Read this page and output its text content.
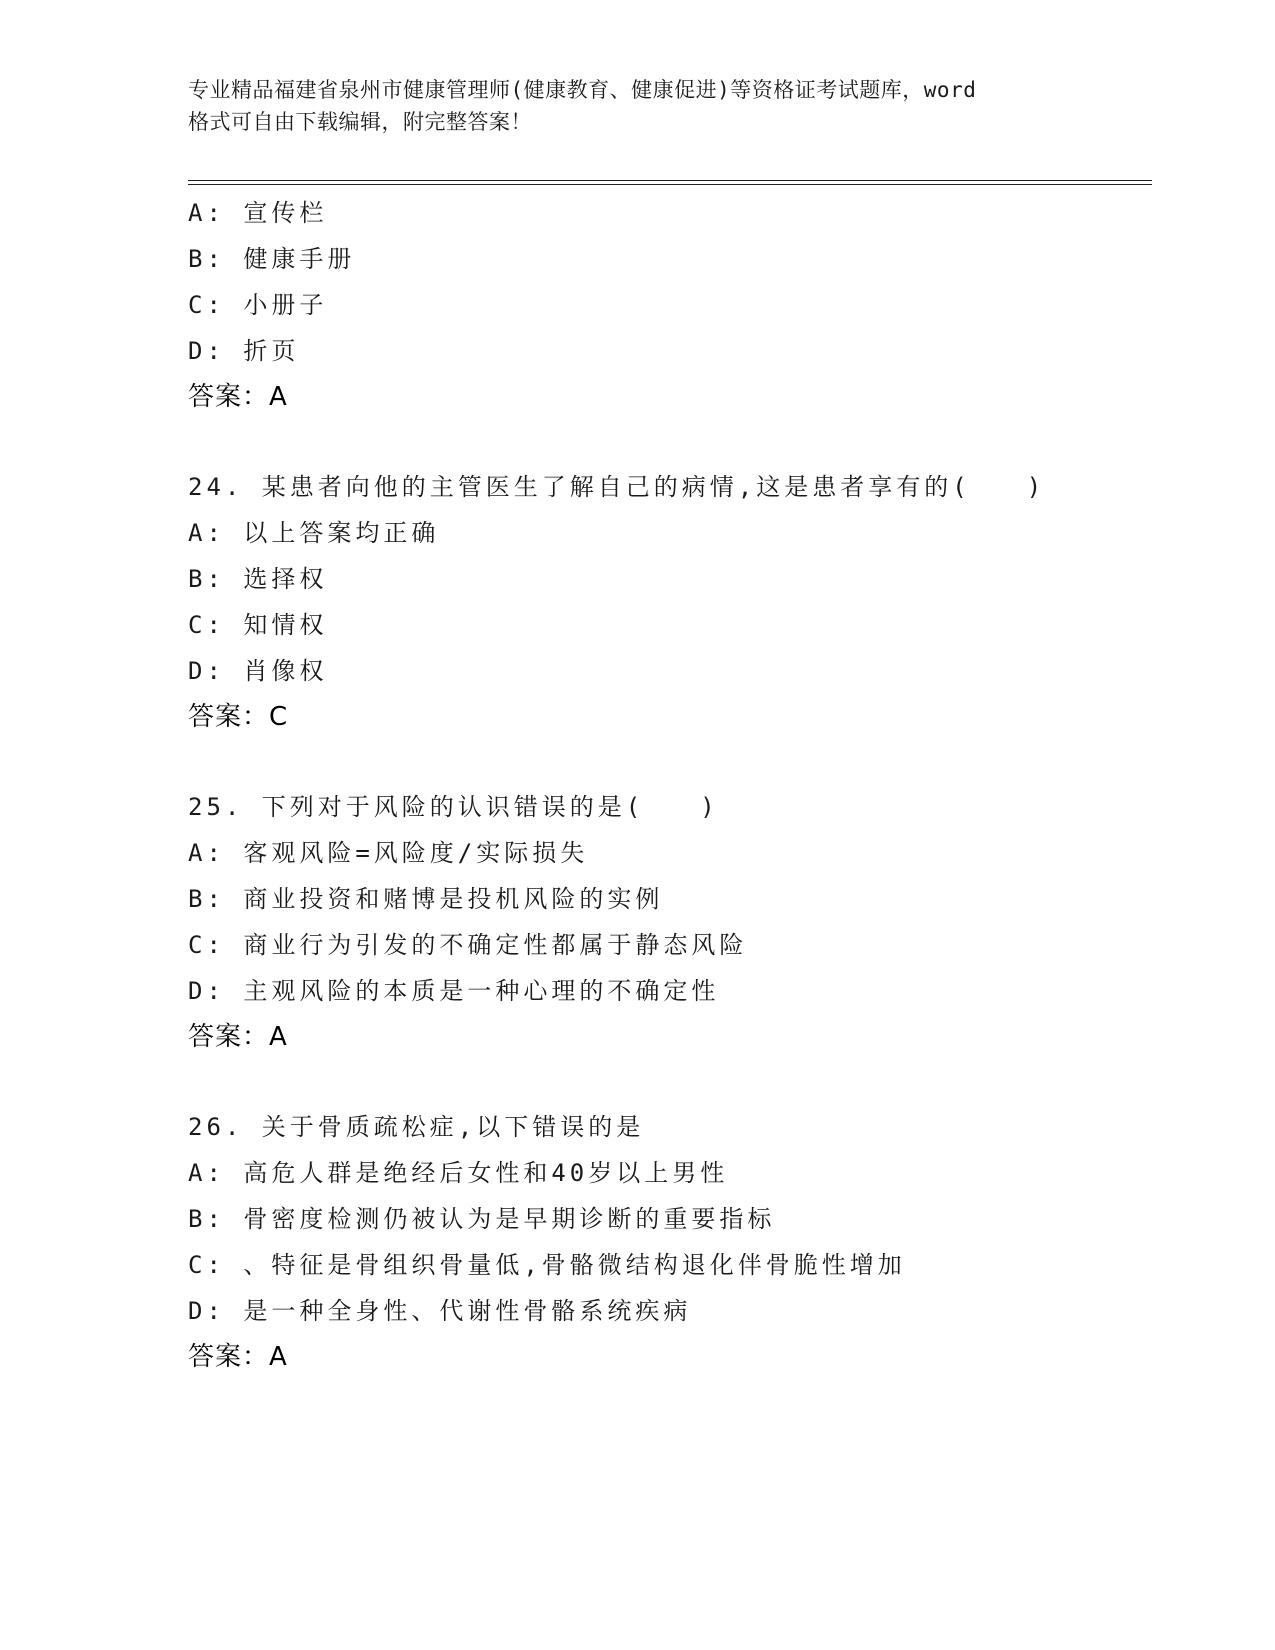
专业精品福建省泉州市健康管理师(健康教育、健康促进)等资格证考试题库，word
格式可自由下载编辑，附完整答案！
A: 宣传栏
B: 健康手册
C: 小册子
D: 折页
答案：A
24. 某患者向他的主管医生了解自己的病情,这是患者享有的(　　)
A: 以上答案均正确
B: 选择权
C: 知情权
D: 肖像权
答案：C
25. 下列对于风险的认识错误的是(　　)
A: 客观风险=风险度/实际损失
B: 商业投资和赌博是投机风险的实例
C: 商业行为引发的不确定性都属于静态风险
D: 主观风险的本质是一种心理的不确定性
答案：A
26. 关于骨质疏松症,以下错误的是
A: 高危人群是绝经后女性和40岁以上男性
B: 骨密度检测仍被认为是早期诊断的重要指标
C: 、特征是骨组织骨量低,骨骼微结构退化伴骨脆性增加
D: 是一种全身性、代谢性骨骼系统疾病
答案：A
